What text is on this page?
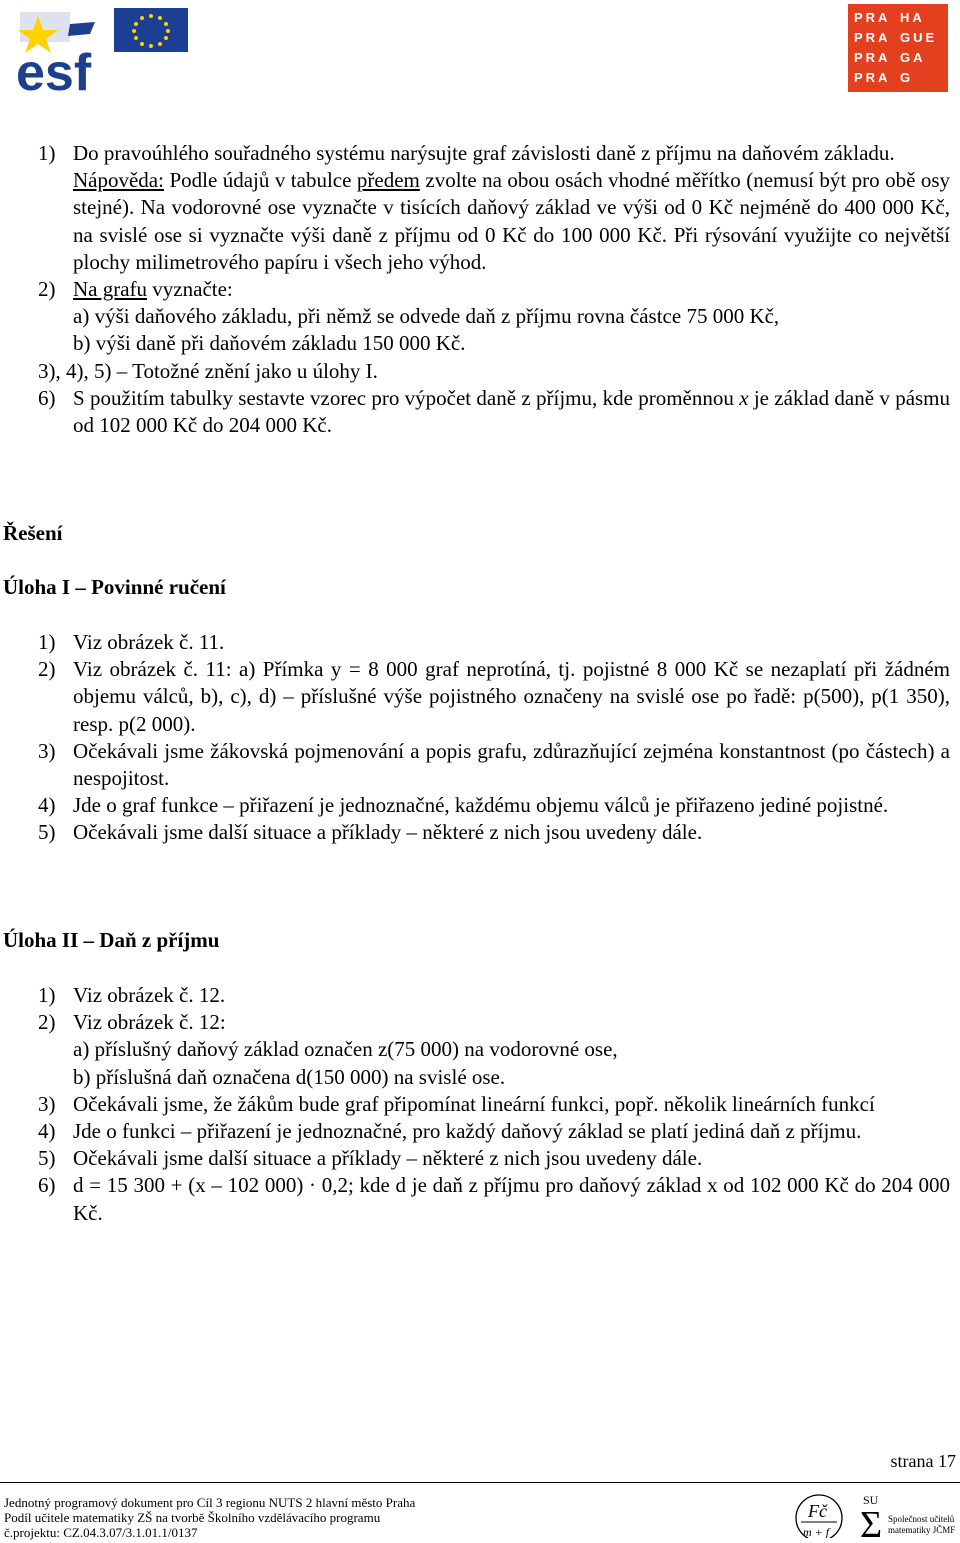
esf
PRA HA
PRA GUE
PRA GA
PRA G
1) Do pravoúhlého souřadného systému narýsujte graf závislosti daně z příjmu na daňovém základu.
Nápověda: Podle údajů v tabulce předem zvolte na obou osách vhodné měřítko (nemusí být pro obě osy stejné). Na vodorovné ose vyznačte v tisících daňový základ ve výši od 0 Kč nejméně do 400 000 Kč, na svislé ose si vyznačte výši daně z příjmu od 0 Kč do 100 000 Kč. Při rýsování využijte co největší plochy milimetrového papíru i všech jeho výhod.
2) Na grafu vyznačte:
a) výši daňového základu, při němž se odvede daň z příjmu rovna částce 75 000 Kč,
b) výši daně při daňovém základu 150 000 Kč.
3), 4), 5) – Totožné znění jako u úlohy I.
6) S použitím tabulky sestavte vzorec pro výpočet daně z příjmu, kde proměnnou x je základ daně v pásmu od 102 000 Kč do 204 000 Kč.
Řešení
Úloha I – Povinné ručení
1) Viz obrázek č. 11.
2) Viz obrázek č. 11: a) Přímka y = 8 000 graf neprotíná, tj. pojistné 8 000 Kč se nezaplatí při žádném objemu válců, b), c), d) – příslušné výše pojistného označeny na svislé ose po řadě: p(500), p(1 350), resp. p(2 000).
3) Očekávali jsme žákovská pojmenování a popis grafu, zdůrazňující zejména konstantnost (po částech) a nespojitost.
4) Jde o graf funkce – přiřazení je jednoznačné, každému objemu válců je přiřazeno jediné pojistné.
5) Očekávali jsme další situace a příklady – některé z nich jsou uvedeny dále.
Úloha II – Daň z příjmu
1) Viz obrázek č. 12.
2) Viz obrázek č. 12:
a) příslušný daňový základ označen z(75 000) na vodorovné ose,
b) příslušná daň označena d(150 000) na svislé ose.
3) Očekávali jsme, že žákům bude graf připomínat lineární funkci, popř. několik lineárních funkcí
4) Jde o funkci – přiřazení je jednoznačné, pro každý daňový základ se platí jediná daň z příjmu.
5) Očekávali jsme další situace a příklady – některé z nich jsou uvedeny dále.
6) d = 15 300 + (x – 102 000) · 0,2; kde d je daň z příjmu pro daňový základ x od 102 000 Kč do 204 000 Kč.
strana 17
Jednotný programový dokument pro Cíl 3 regionu NUTS 2 hlavní město Praha
Podíl učitele matematiky ZŠ na tvorbě Školního vzdělávacího programu
č.projektu: CZ.04.3.07/3.1.01.1/0137
Fč
m + f
SU
Σ Společnost učitelů
matematiky JČMF
